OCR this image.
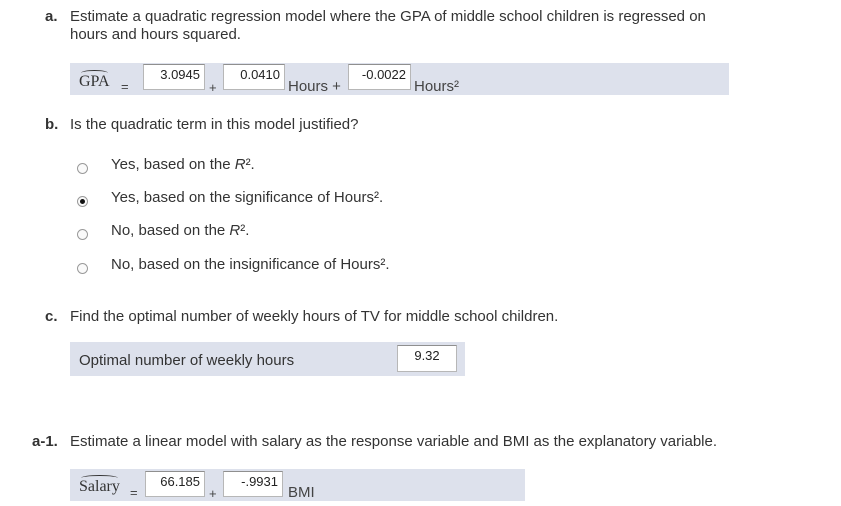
a. Estimate a quadratic regression model where the GPA of middle school children is regressed on
hours and hours squared.
GPA =
3.0945
+
0.0410
Hours +
-0.0022
Hours²
b. Is the quadratic term in this model justified?
Yes, based on the R².
Yes, based on the significance of Hours².
No, based on the R².
No, based on the insignificance of Hours².
c. Find the optimal number of weekly hours of TV for middle school children.
Optimal number of weekly hours	9.32
a-1. Estimate a linear model with salary as the response variable and BMI as the explanatory variable.
Salary =
66.185
+
-.9931
BMI
